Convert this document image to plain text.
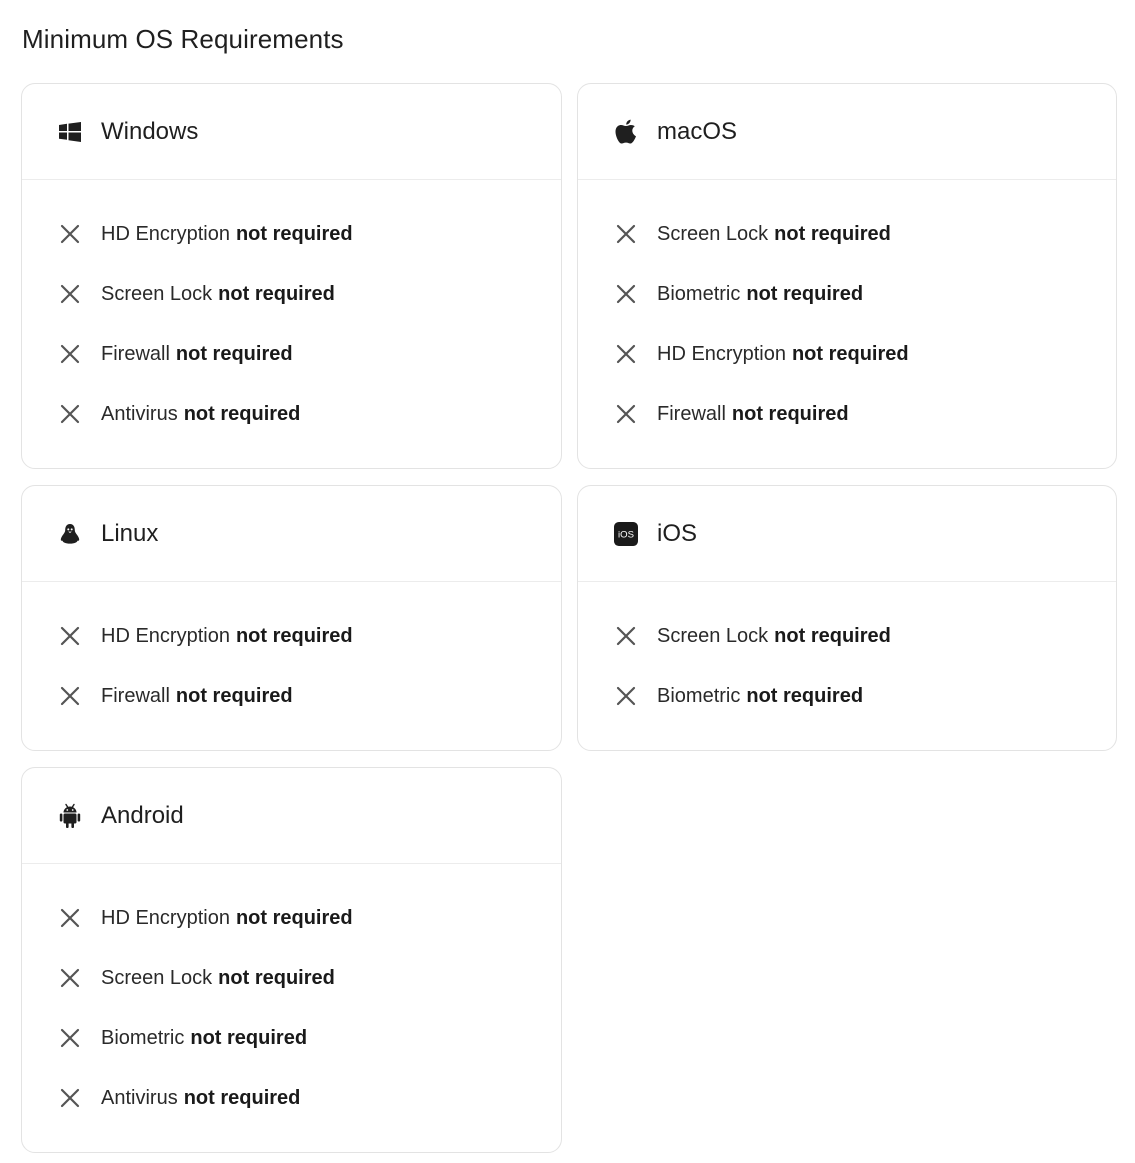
Minimum OS Requirements
Windows
HD Encryption not required
Screen Lock not required
Firewall not required
Antivirus not required
macOS
Screen Lock not required
Biometric not required
HD Encryption not required
Firewall not required
Linux
HD Encryption not required
Firewall not required
iOS iOS
Screen Lock not required
Biometric not required
Android
HD Encryption not required
Screen Lock not required
Biometric not required
Antivirus not required
